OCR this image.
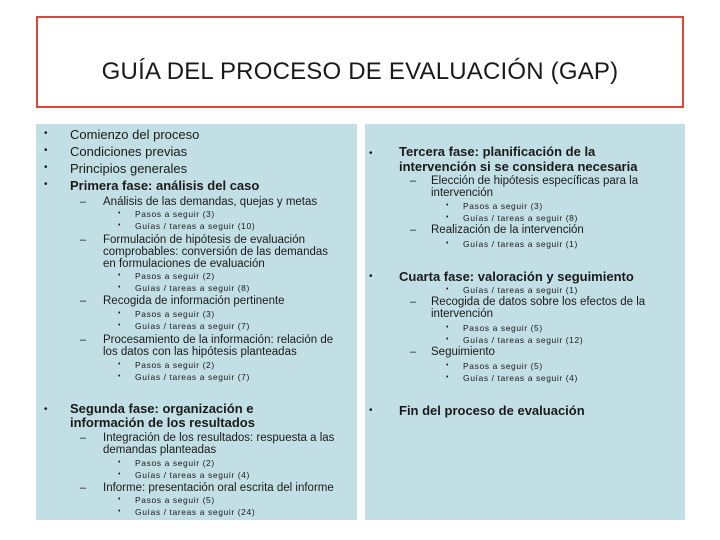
GUÍA DEL PROCESO DE EVALUACIÓN (GAP)
• Comienzo del proceso
• Condiciones previas
• Principios generales
• Primera fase: análisis del caso
– Análisis de las demandas, quejas y metas
• Pasos a seguir (3)
• Guías / tareas a seguir (10)
– Formulación de hipótesis de evaluación
comprobables: conversión de las demandas
en formulaciones de evaluación
• Pasos a seguir (2)
• Guías / tareas a seguir (8)
– Recogida de información pertinente
• Pasos a seguir (3)
• Guías / tareas a seguir (7)
– Procesamiento de la información: relación de
los datos con las hipótesis planteadas
• Pasos a seguir (2)
• Guías / tareas a seguir (7)
• Segunda fase: organización e
información de los resultados
– Integración de los resultados: respuesta a las
demandas planteadas
• Pasos a seguir (2)
• Guías / tareas a seguir (4)
– Informe: presentación oral escrita del informe
• Pasos a seguir (5)
• Guías / tareas a seguir (24)
• Tercera fase: planificación de la
intervención si se considera necesaria
– Elección de hipótesis específicas para la
intervención
• Pasos a seguir (3)
• Guías / tareas a seguir (8)
– Realización de la intervención
• Guías / tareas a seguir (1)
• Cuarta fase: valoración y seguimiento
• Guías / tareas a seguir (1)
– Recogida de datos sobre los efectos de la
intervención
• Pasos a seguir (5)
• Guías / tareas a seguir (12)
– Seguimiento
• Pasos a seguir (5)
• Guías / tareas a seguir (4)
• Fin del proceso de evaluación
